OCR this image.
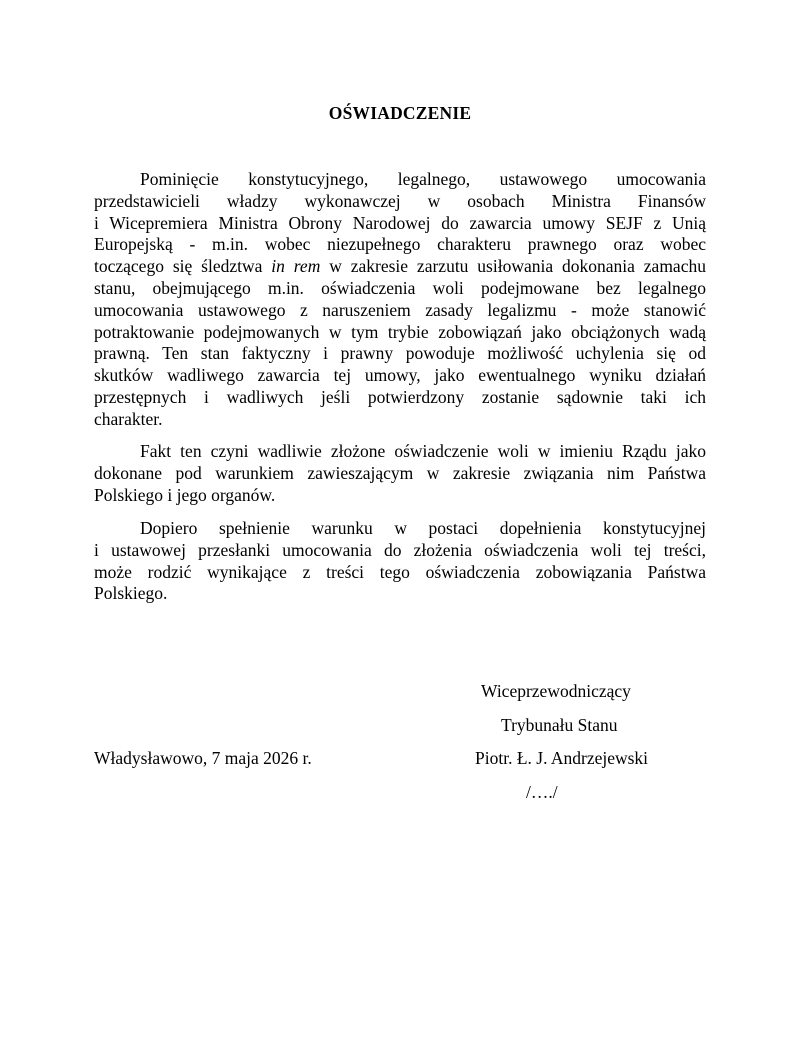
OŚWIADCZENIE
Pominięcie konstytucyjnego, legalnego, ustawowego umocowania
przedstawicieli władzy wykonawczej w osobach Ministra Finansów
i Wicepremiera Ministra Obrony Narodowej do zawarcia umowy SEJF z Unią
Europejską - m.in. wobec niezupełnego charakteru prawnego oraz wobec
toczącego się śledztwa in rem w zakresie zarzutu usiłowania dokonania zamachu
stanu, obejmującego m.in. oświadczenia woli podejmowane bez legalnego
umocowania ustawowego z naruszeniem zasady legalizmu - może stanowić
potraktowanie podejmowanych w tym trybie zobowiązań jako obciążonych wadą
prawną. Ten stan faktyczny i prawny powoduje możliwość uchylenia się od
skutków wadliwego zawarcia tej umowy, jako ewentualnego wyniku działań
przestępnych i wadliwych jeśli potwierdzony zostanie sądownie taki ich
charakter.
Fakt ten czyni wadliwie złożone oświadczenie woli w imieniu Rządu jako
dokonane pod warunkiem zawieszającym w zakresie związania nim Państwa
Polskiego i jego organów.
Dopiero spełnienie warunku w postaci dopełnienia konstytucyjnej
i ustawowej przesłanki umocowania do złożenia oświadczenia woli tej treści,
może rodzić wynikające z treści tego oświadczenia zobowiązania Państwa
Polskiego.

Wiceprzewodniczący

Trybunału Stanu

Władysławowo, 7 maja 2026 r.	Piotr. Ł. J. Andrzejewski

/…./
